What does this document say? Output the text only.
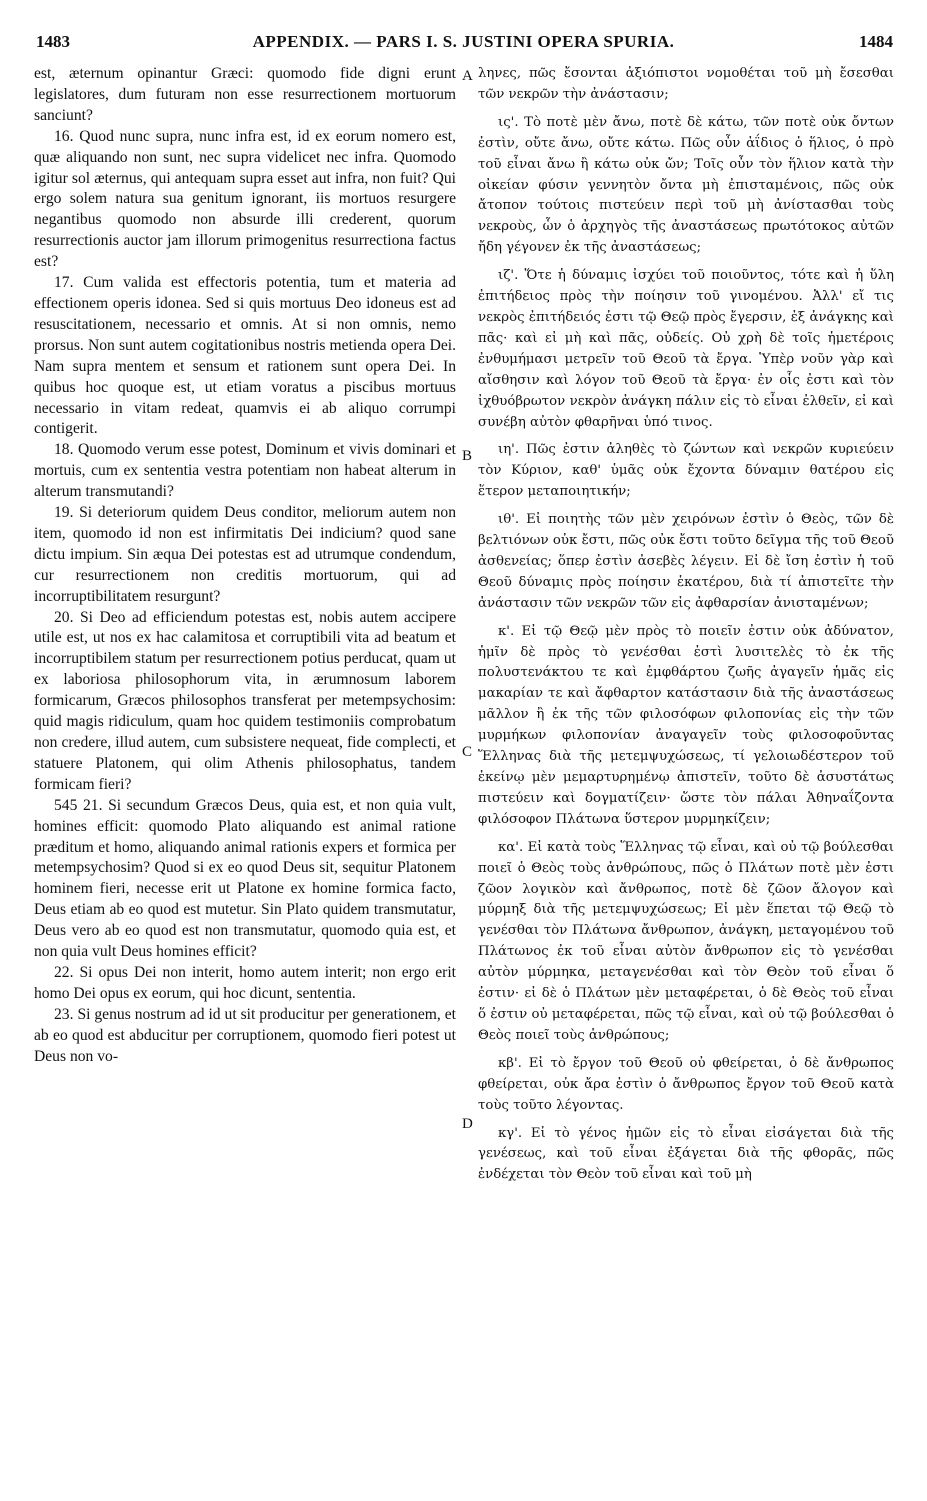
1483	APPENDIX. — PARS I. S. JUSTINI OPERA SPURIA.	1484
A
B
C
D

est, æternum opinantur Græci: quomodo fide digni erunt legislatores, dum futuram non esse resurrectionem mortuorum sanciunt?

16. Quod nunc supra, nunc infra est, id ex eorum nomero est, quæ aliquando non sunt, nec supra videlicet nec infra. Quomodo igitur sol æternus, qui antequam supra esset aut infra, non fuit? Qui ergo solem natura sua genitum ignorant, iis mortuos resurgere negantibus quomodo non absurde illi crederent, quorum resurrectionis auctor jam illorum primogenitus resurrectiona factus est?

17. Cum valida est effectoris potentia, tum et materia ad effectionem operis idonea. Sed si quis mortuus Deo idoneus est ad resuscitationem, necessario et omnis. At si non omnis, nemo prorsus. Non sunt autem cogitationibus nostris metienda opera Dei. Nam supra mentem et sensum et rationem sunt opera Dei. In quibus hoc quoque est, ut etiam voratus a piscibus mortuus necessario in vitam redeat, quamvis ei ab aliquo corrumpi contigerit.

18. Quomodo verum esse potest, Dominum et vivis dominari et mortuis, cum ex sententia vestra potentiam non habeat alterum in alterum transmutandi?

19. Si deteriorum quidem Deus conditor, meliorum autem non item, quomodo id non est infirmitatis Dei indicium? quod sane dictu impium. Sin æqua Dei potestas est ad utrumque condendum, cur resurrectionem non creditis mortuorum, qui ad incorruptibilitatem resurgunt?

20. Si Deo ad efficiendum potestas est, nobis autem accipere utile est, ut nos ex hac calamitosa et corruptibili vita ad beatum et incorruptibilem statum per resurrectionem potius perducat, quam ut ex laboriosa philosophorum vita, in ærumnosum laborem formicarum, Græcos philosophos transferat per metempsychosim: quid magis ridiculum, quam hoc quidem testimoniis comprobatum non credere, illud autem, cum subsistere nequeat, fide complecti, et statuere Platonem, qui olim Athenis philosophatus, tandem formicam fieri?

545 21. Si secundum Græcos Deus, quia est, et non quia vult, homines efficit: quomodo Plato aliquando est animal ratione præditum et homo, aliquando animal rationis expers et formica per metempsychosim? Quod si ex eo quod Deus sit, sequitur Platonem hominem fieri, necesse erit ut Platone ex homine formica facto, Deus etiam ab eo quod est mutetur. Sin Plato quidem transmutatur, Deus vero ab eo quod est non transmutatur, quomodo quia est, et non quia vult Deus homines efficit?

22. Si opus Dei non interit, homo autem interit; non ergo erit homo Dei opus ex eorum, qui hoc dicunt, sententia.

23. Si genus nostrum ad id ut sit producitur per generationem, et ab eo quod est abducitur per corruptionem, quomodo fieri potest ut Deus non vo-

ληνες, πῶς ἔσονται ἀξιόπιστοι νομοθέται τοῦ μὴ ἔσεσθαι τῶν νεκρῶν τὴν ἀνάστασιν;

ις'. Τὸ ποτὲ μὲν ἄνω, ποτὲ δὲ κάτω, τῶν ποτὲ οὐκ ὄντων ἐστὶν, οὔτε ἄνω, οὔτε κάτω. Πῶς οὖν ἀΐδιος ὁ ἥλιος, ὁ πρὸ τοῦ εἶναι ἄνω ἢ κάτω οὐκ ὤν; Τοῖς οὖν τὸν ἥλιον κατὰ τὴν οἰκείαν φύσιν γεννητὸν ὄντα μὴ ἐπισταμένοις, πῶς οὐκ ἄτοπον τούτοις πιστεύειν περὶ τοῦ μὴ ἀνίστασθαι τοὺς νεκροὺς, ὧν ὁ ἀρχηγὸς τῆς ἀναστάσεως πρωτότοκος αὐτῶν ἤδη γέγονεν ἐκ τῆς ἀναστάσεως;

ιζ'. Ὅτε ἡ δύναμις ἰσχύει τοῦ ποιοῦντος, τότε καὶ ἡ ὕλη ἐπιτήδειος πρὸς τὴν ποίησιν τοῦ γινομένου. Ἀλλ' εἴ τις νεκρὸς ἐπιτήδειός ἐστι τῷ Θεῷ πρὸς ἔγερσιν, ἐξ ἀνάγκης καὶ πᾶς· καὶ εἰ μὴ καὶ πᾶς, οὐδείς. Οὐ χρὴ δὲ τοῖς ἡμετέροις ἐνθυμήμασι μετρεῖν τοῦ Θεοῦ τὰ ἔργα. Ὑπὲρ νοῦν γὰρ καὶ αἴσθησιν καὶ λόγον τοῦ Θεοῦ τὰ ἔργα· ἐν οἷς ἐστι καὶ τὸν ἰχθυόβρωτον νεκρὸν ἀνάγκη πάλιν εἰς τὸ εἶναι ἐλθεῖν, εἰ καὶ συνέβη αὐτὸν φθαρῆναι ὑπό τινος.

ιη'. Πῶς ἐστιν ἀληθὲς τὸ ζώντων καὶ νεκρῶν κυριεύειν τὸν Κύριον, καθ' ὑμᾶς οὐκ ἔχοντα δύναμιν θατέρου εἰς ἕτερον μεταποιητικήν;

ιθ'. Εἰ ποιητὴς τῶν μὲν χειρόνων ἐστὶν ὁ Θεὸς, τῶν δὲ βελτιόνων οὐκ ἔστι, πῶς οὐκ ἔστι τοῦτο δεῖγμα τῆς τοῦ Θεοῦ ἀσθενείας; ὅπερ ἐστὶν ἀσεβὲς λέγειν. Εἰ δὲ ἴση ἐστὶν ἡ τοῦ Θεοῦ δύναμις πρὸς ποίησιν ἑκατέρου, διὰ τί ἀπιστεῖτε τὴν ἀνάστασιν τῶν νεκρῶν τῶν εἰς ἀφθαρσίαν ἀνισταμένων;

κ'. Εἰ τῷ Θεῷ μὲν πρὸς τὸ ποιεῖν ἐστιν οὐκ ἀδύνατον, ἡμῖν δὲ πρὸς τὸ γενέσθαι ἐστὶ λυσιτελὲς τὸ ἐκ τῆς πολυστενάκτου τε καὶ ἐμφθάρτου ζωῆς ἀγαγεῖν ἡμᾶς εἰς μακαρίαν τε καὶ ἄφθαρτον κατάστασιν διὰ τῆς ἀναστάσεως μᾶλλον ἢ ἐκ τῆς τῶν φιλοσόφων φιλοπονίας εἰς τὴν τῶν μυρμήκων φιλοπονίαν ἀναγαγεῖν τοὺς φιλοσοφοῦντας Ἕλληνας διὰ τῆς μετεμψυχώσεως, τί γελοιωδέστερον τοῦ ἐκείνῳ μὲν μεμαρτυρημένῳ ἀπιστεῖν, τοῦτο δὲ ἀσυστάτως πιστεύειν καὶ δογματίζειν· ὥστε τὸν πάλαι Ἀθηναΐζοντα φιλόσοφον Πλάτωνα ὕστερον μυρμηκίζειν;

κα'. Εἰ κατὰ τοὺς Ἕλληνας τῷ εἶναι, καὶ οὐ τῷ βούλεσθαι ποιεῖ ὁ Θεὸς τοὺς ἀνθρώπους, πῶς ὁ Πλάτων ποτὲ μὲν ἐστι ζῶον λογικὸν καὶ ἄνθρωπος, ποτὲ δὲ ζῶον ἄλογον καὶ μύρμηξ διὰ τῆς μετεμψυχώσεως; Εἰ μὲν ἕπεται τῷ Θεῷ τὸ γενέσθαι τὸν Πλάτωνα ἄνθρωπον, ἀνάγκη, μεταγομένου τοῦ Πλάτωνος ἐκ τοῦ εἶναι αὐτὸν ἄνθρωπον εἰς τὸ γενέσθαι αὐτὸν μύρμηκα, μεταγενέσθαι καὶ τὸν Θεὸν τοῦ εἶναι ὅ ἐστιν· εἰ δὲ ὁ Πλάτων μὲν μεταφέρεται, ὁ δὲ Θεὸς τοῦ εἶναι ὅ ἐστιν οὐ μεταφέρεται, πῶς τῷ εἶναι, καὶ οὐ τῷ βούλεσθαι ὁ Θεὸς ποιεῖ τοὺς ἀνθρώπους;

κβ'. Εἰ τὸ ἔργον τοῦ Θεοῦ οὐ φθείρεται, ὁ δὲ ἄνθρωπος φθείρεται, οὐκ ἄρα ἐστὶν ὁ ἄνθρωπος ἔργον τοῦ Θεοῦ κατὰ τοὺς τοῦτο λέγοντας.

κγ'. Εἰ τὸ γένος ἡμῶν εἰς τὸ εἶναι εἰσάγεται διὰ τῆς γενέσεως, καὶ τοῦ εἶναι ἐξάγεται διὰ τῆς φθορᾶς, πῶς ἐνδέχεται τὸν Θεὸν τοῦ εἶναι καὶ τοῦ μὴ
